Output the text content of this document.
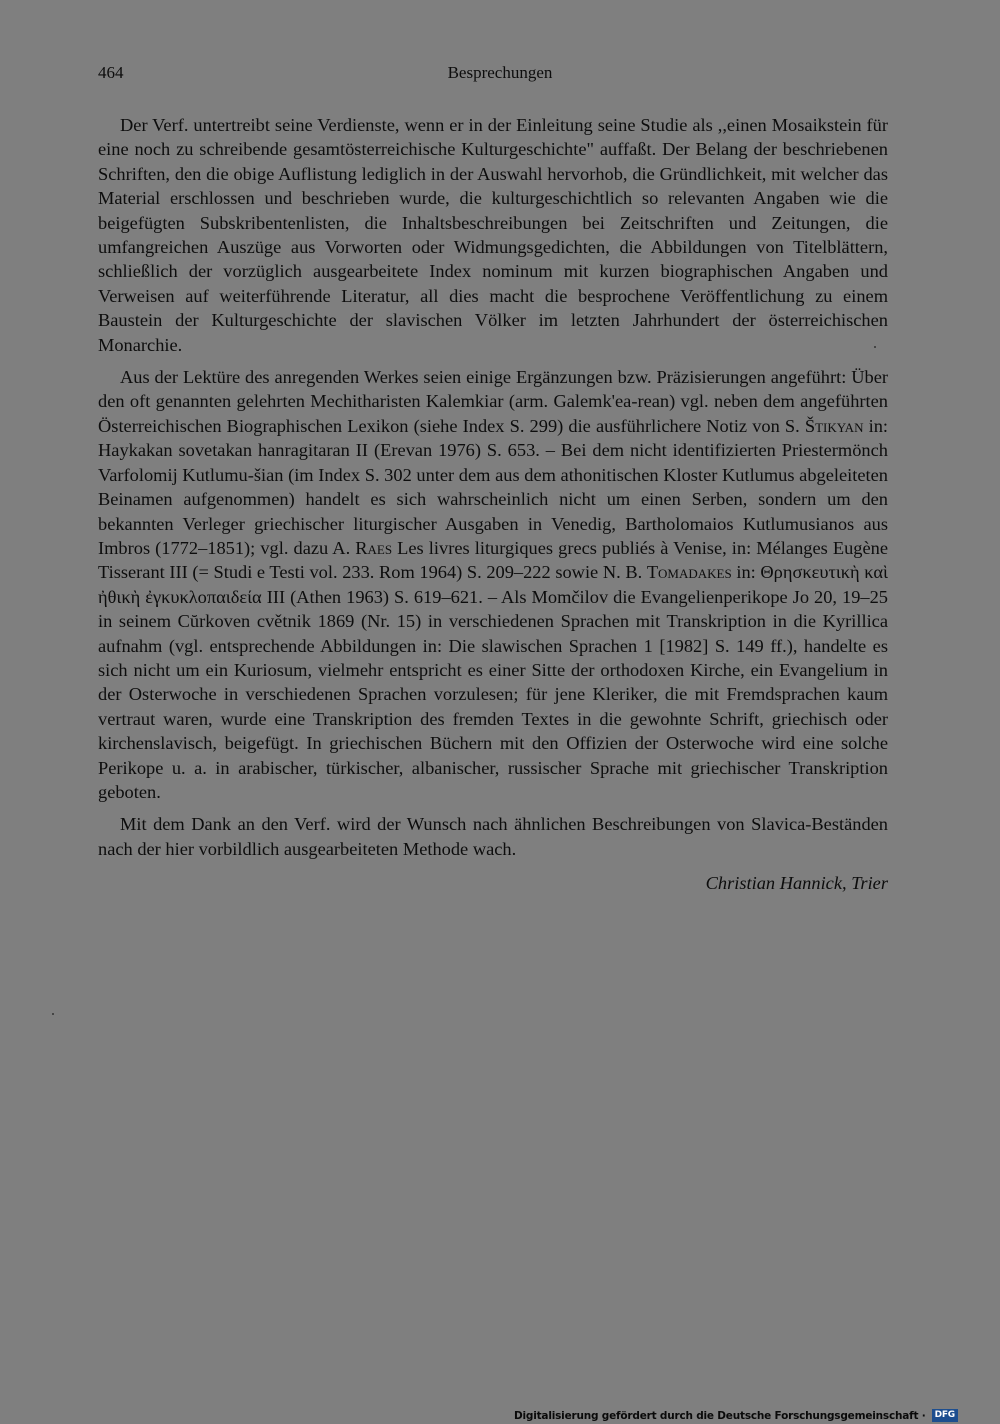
464	Besprechungen

Der Verf. untertreibt seine Verdienste, wenn er in der Einleitung seine Studie als ,,einen Mosaikstein für eine noch zu schreibende gesamtösterreichische Kulturgeschichte" auffaßt. Der Belang der beschriebenen Schriften, den die obige Auflistung lediglich in der Auswahl hervorhob, die Gründlichkeit, mit welcher das Material erschlossen und beschrieben wurde, die kulturgeschichtlich so relevanten Angaben wie die beigefügten Subskribentenlisten, die Inhaltsbeschreibungen bei Zeitschriften und Zeitungen, die umfangreichen Auszüge aus Vorworten oder Widmungsgedichten, die Abbildungen von Titelblättern, schließlich der vorzüglich ausgearbeitete Index nominum mit kurzen biographischen Angaben und Verweisen auf weiterführende Literatur, all dies macht die besprochene Veröffentlichung zu einem Baustein der Kulturgeschichte der slavischen Völker im letzten Jahrhundert der österreichischen Monarchie.

Aus der Lektüre des anregenden Werkes seien einige Ergänzungen bzw. Präzisierungen angeführt: Über den oft genannten gelehrten Mechitharisten Kalemkiar (arm. Galemk'ea-rean) vgl. neben dem angeführten Österreichischen Biographischen Lexikon (siehe Index S. 299) die ausführlichere Notiz von S. Štikyan in: Haykakan sovetakan hanragitaran II (Erevan 1976) S. 653. – Bei dem nicht identifizierten Priestermönch Varfolomij Kutlumu-šian (im Index S. 302 unter dem aus dem athonitischen Kloster Kutlumus abgeleiteten Beinamen aufgenommen) handelt es sich wahrscheinlich nicht um einen Serben, sondern um den bekannten Verleger griechischer liturgischer Ausgaben in Venedig, Bartholomaios Kutlumusianos aus Imbros (1772–1851); vgl. dazu A. Raes Les livres liturgiques grecs publiés à Venise, in: Mélanges Eugène Tisserant III (= Studi e Testi vol. 233. Rom 1964) S. 209–222 sowie N. B. Tomadakes in: Θρησκευτικὴ καὶ ἠθικὴ ἐγκυκλοπαιδεία III (Athen 1963) S. 619–621. – Als Momčilov die Evangelienperikope Jo 20, 19–25 in seinem Cŭrkoven cvětnik 1869 (Nr. 15) in verschiedenen Sprachen mit Transkription in die Kyrillica aufnahm (vgl. entsprechende Abbildungen in: Die slawischen Sprachen 1 [1982] S. 149 ff.), handelte es sich nicht um ein Kuriosum, vielmehr entspricht es einer Sitte der orthodoxen Kirche, ein Evangelium in der Osterwoche in verschiedenen Sprachen vorzulesen; für jene Kleriker, die mit Fremdsprachen kaum vertraut waren, wurde eine Transkription des fremden Textes in die gewohnte Schrift, griechisch oder kirchenslavisch, beigefügt. In griechischen Büchern mit den Offizien der Osterwoche wird eine solche Perikope u. a. in arabischer, türkischer, albanischer, russischer Sprache mit griechischer Transkription geboten.

Mit dem Dank an den Verf. wird der Wunsch nach ähnlichen Beschreibungen von Slavica-Beständen nach der hier vorbildlich ausgearbeiteten Methode wach.

Christian Hannick, Trier
Digitalisierung gefördert durch die Deutsche Forschungsgemeinschaft ·	DFG
